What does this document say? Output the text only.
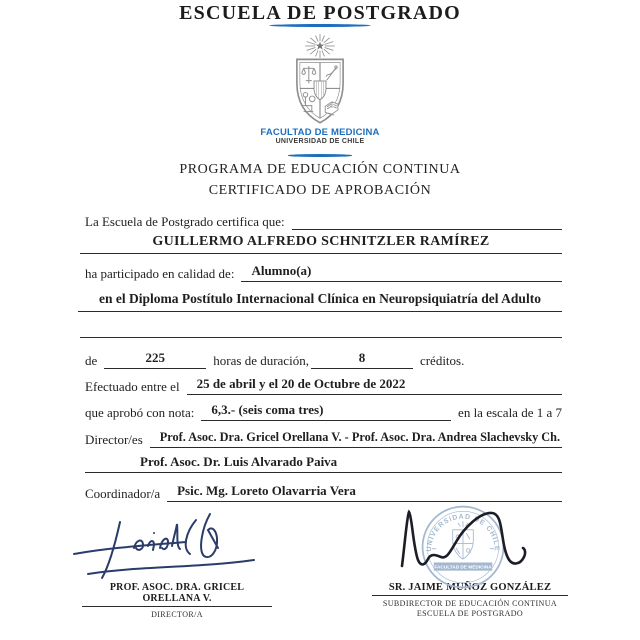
ESCUELA DE POSTGRADO
FACULTAD DE MEDICINA
UNIVERSIDAD DE CHILE
PROGRAMA DE EDUCACIÓN CONTINUA
CERTIFICADO DE APROBACIÓN
La Escuela de Postgrado certifica que:
GUILLERMO ALFREDO SCHNITZLER RAMÍREZ
ha participado en calidad de:	Alumno(a)
en el Diploma Postítulo Internacional Clínica en Neuropsiquiatría del Adulto
de	225	horas de duración,	8	créditos.
Efectuado entre el	25 de abril y el 20 de Octubre de 2022
que aprobó con nota:	6,3.- (seis coma tres)	en la escala de 1 a 7
Director/es	Prof. Asoc. Dra. Gricel Orellana V. - Prof. Asoc. Dra. Andrea Slachevsky Ch.
Prof. Asoc. Dr. Luis Alvarado Paiva
Coordinador/a	Psic. Mg. Loreto Olavarria Vera
PROF. ASOC. DRA. GRICEL ORELLANA V.
DIRECTOR/A
UNIVERSIDAD DE CHILE
FACULTAD DE MEDICINA
SR. JAIME MUÑOZ GONZÁLEZ
SUBDIRECTOR DE EDUCACIÓN CONTINUA
ESCUELA DE POSTGRADO
